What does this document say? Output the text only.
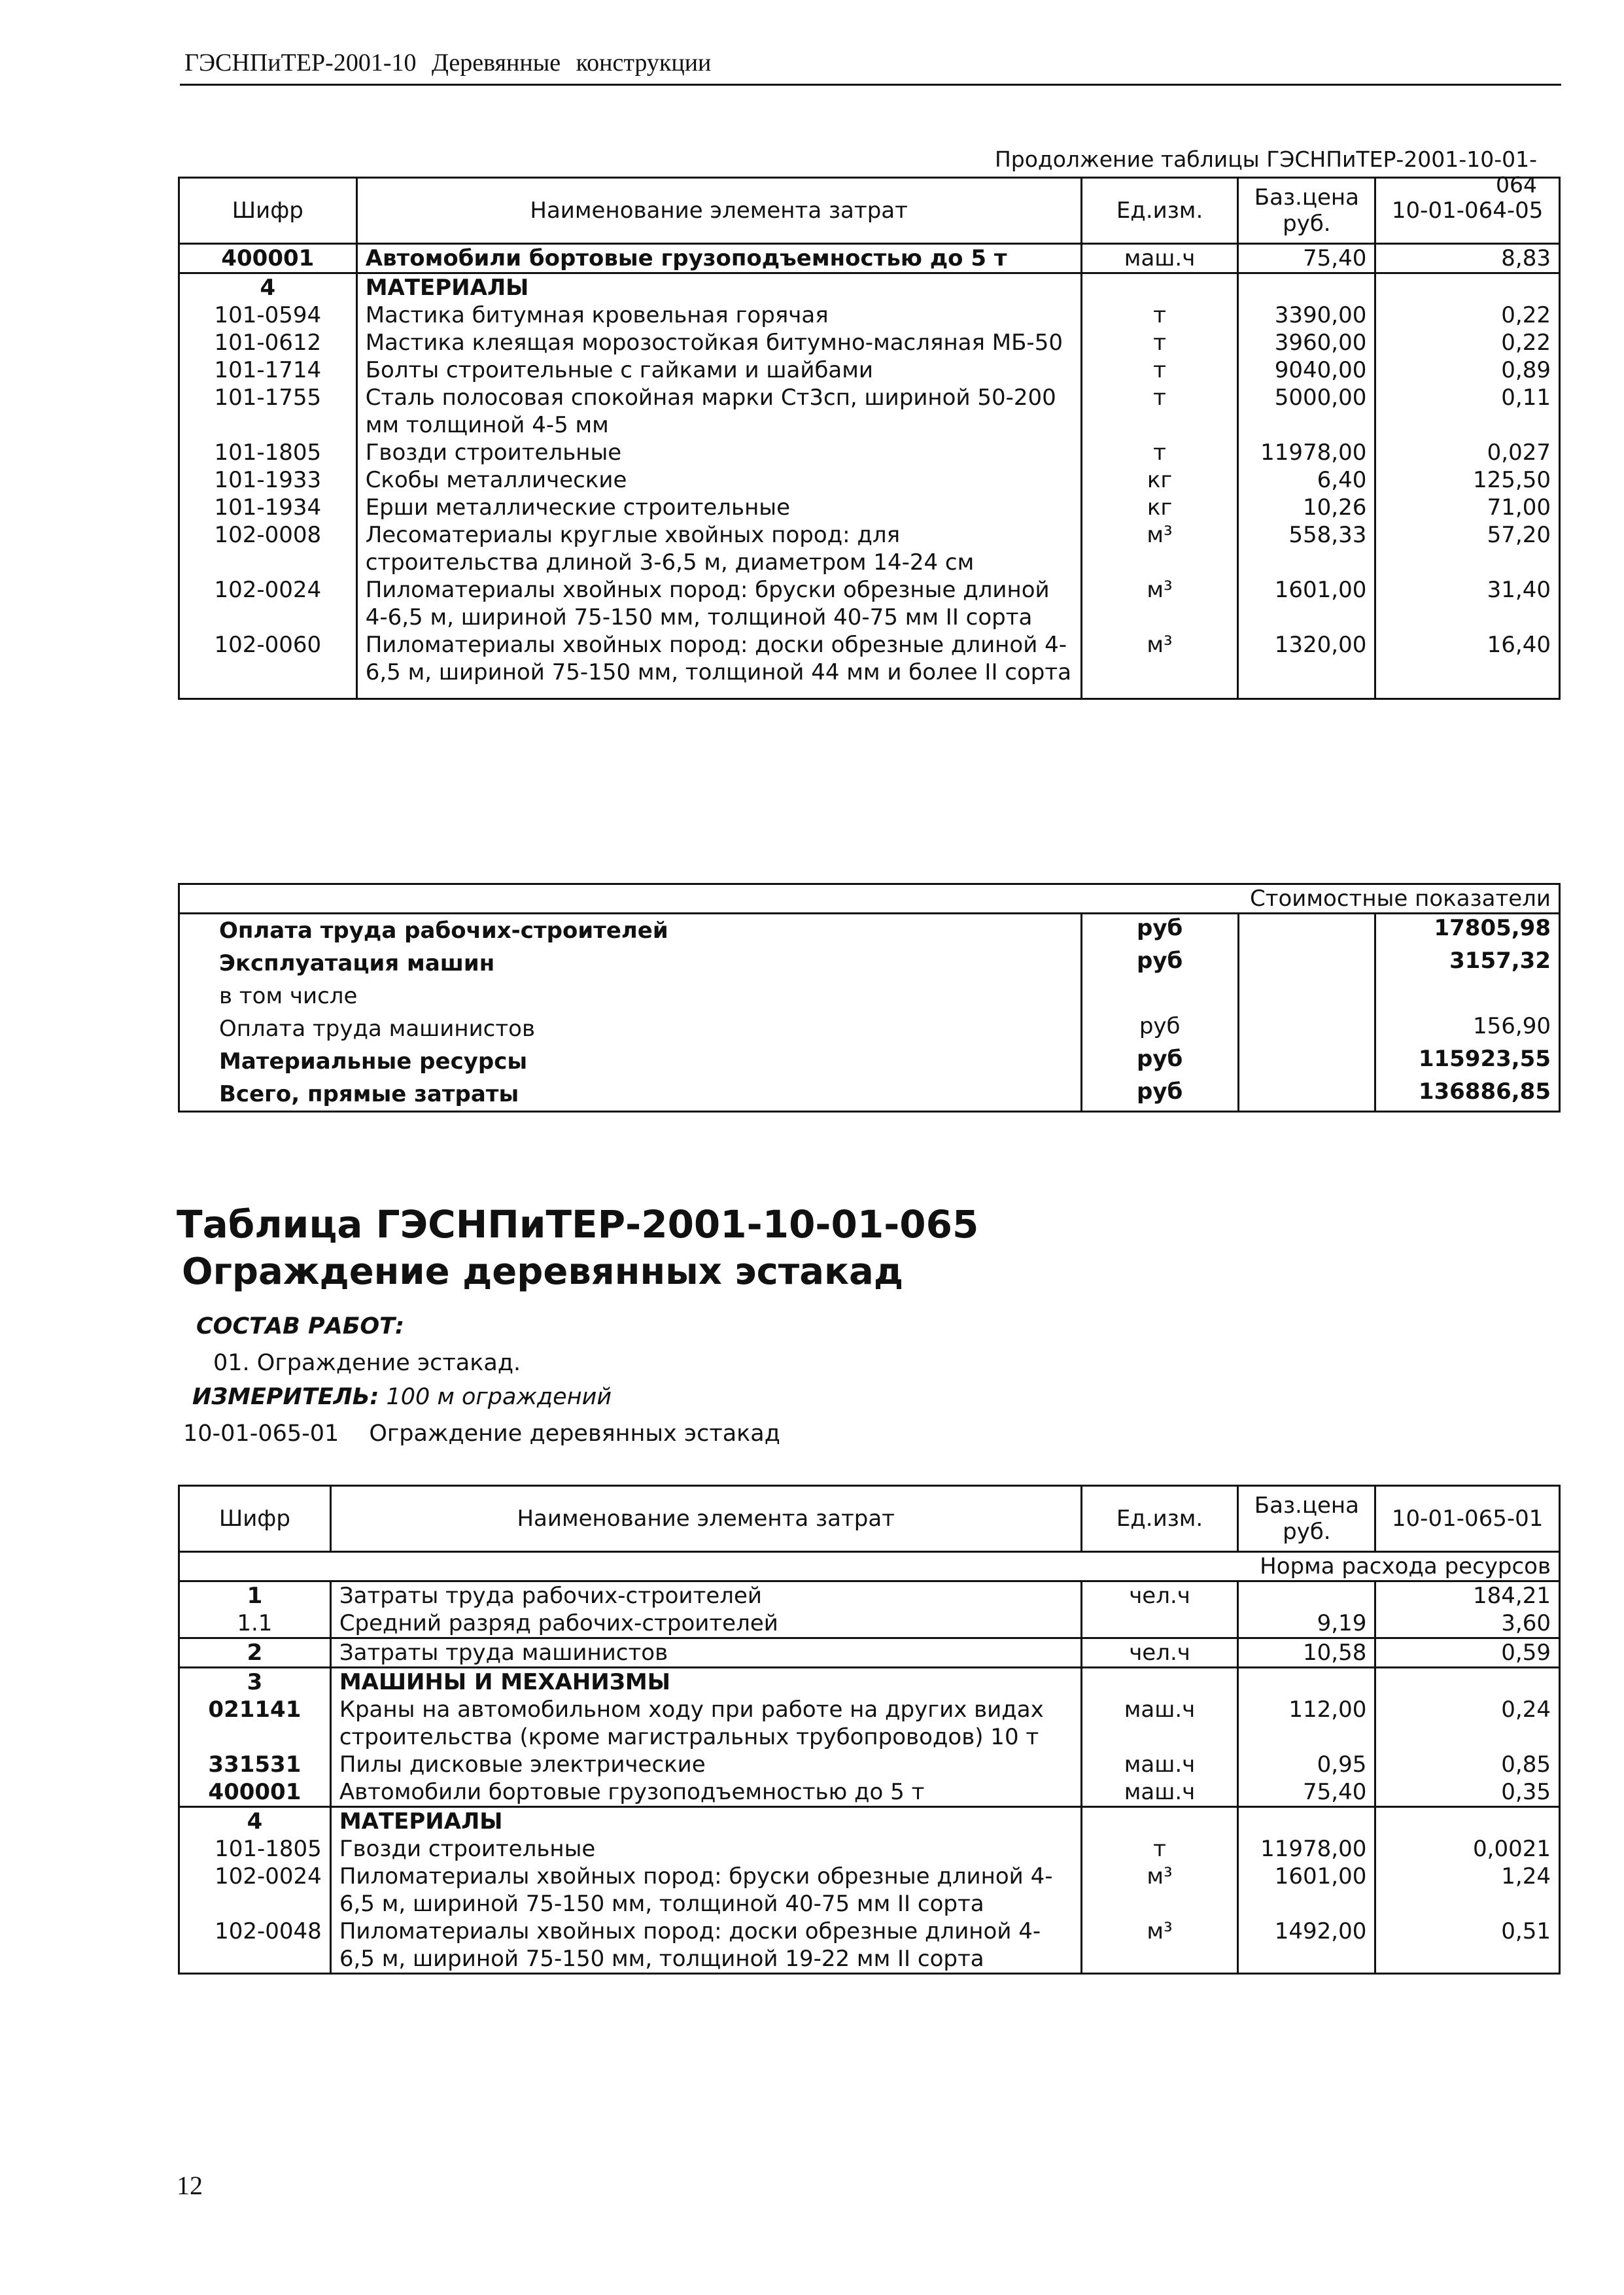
ГЭСНПиТЕР-2001-10 Деревянные конструкции
Продолжение таблицы ГЭСНПиТЕР-2001-10-01-064
Шифр	Наименование элемента затрат	Ед.изм.	Баз.цена руб.	10-01-064-05
400001	Автомобили бортовые грузоподъемностью до 5 т	маш.ч	75,40	8,83
4	МАТЕРИАЛЫ			
101-0594	Мастика битумная кровельная горячая	т	3390,00	0,22
101-0612	Мастика клеящая морозостойкая битумно-масляная МБ-50	т	3960,00	0,22
101-1714	Болты строительные с гайками и шайбами	т	9040,00	0,89
101-1755	Сталь полосовая спокойная марки Ст3сп, шириной 50-200 мм толщиной 4-5 мм	т	5000,00	0,11
101-1805	Гвозди строительные	т	11978,00	0,027
101-1933	Скобы металлические	кг	6,40	125,50
101-1934	Ерши металлические строительные	кг	10,26	71,00
102-0008	Лесоматериалы круглые хвойных пород: для строительства длиной 3-6,5 м, диаметром 14-24 см	м³	558,33	57,20
102-0024	Пиломатериалы хвойных пород: бруски обрезные длиной 4-6,5 м, шириной 75-150 мм, толщиной 40-75 мм II сорта	м³	1601,00	31,40
102-0060	Пиломатериалы хвойных пород: доски обрезные длиной 4-6,5 м, шириной 75-150 мм, толщиной 44 мм и более II сорта	м³	1320,00	16,40
Стоимостные показатели			
Оплата труда рабочих-строителей	руб		17805,98
Эксплуатация машин	руб		3157,32
в том числе			
Оплата труда машинистов	руб		156,90
Материальные ресурсы	руб		115923,55
Всего, прямые затраты	руб		136886,85
Таблица ГЭСНПиТЕР-2001-10-01-065
Ограждение деревянных эстакад
СОСТАВ РАБОТ:
01. Ограждение эстакад.
ИЗМЕРИТЕЛЬ: 100 м ограждений
10-01-065-01 Ограждение деревянных эстакад
Шифр	Наименование элемента затрат	Ед.изм.	Баз.цена руб.	10-01-065-01
Норма расхода ресурсов				
1	Затраты труда рабочих-строителей	чел.ч		184,21
1.1	Средний разряд рабочих-строителей		9,19	3,60
2	Затраты труда машинистов	чел.ч	10,58	0,59
3	МАШИНЫ И МЕХАНИЗМЫ			
021141	Краны на автомобильном ходу при работе на других видах строительства (кроме магистральных трубопроводов) 10 т	маш.ч	112,00	0,24
331531	Пилы дисковые электрические	маш.ч	0,95	0,85
400001	Автомобили бортовые грузоподъемностью до 5 т	маш.ч	75,40	0,35
4	МАТЕРИАЛЫ			
101-1805	Гвозди строительные	т	11978,00	0,0021
102-0024	Пиломатериалы хвойных пород: бруски обрезные длиной 4-6,5 м, шириной 75-150 мм, толщиной 40-75 мм II сорта	м³	1601,00	1,24
102-0048	Пиломатериалы хвойных пород: доски обрезные длиной 4-6,5 м, шириной 75-150 мм, толщиной 19-22 мм II сорта	м³	1492,00	0,51
12
